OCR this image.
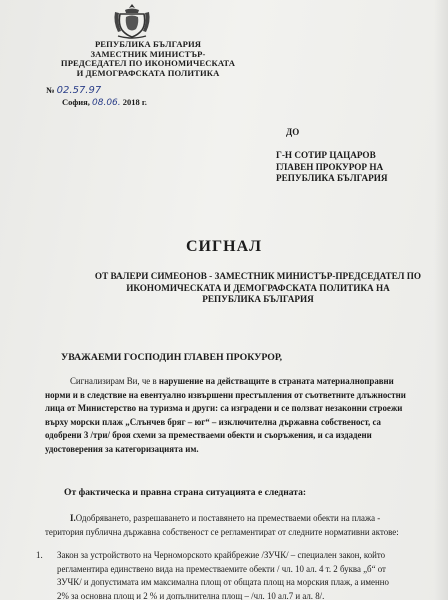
РЕПУБЛИКА БЪЛГАРИЯ
ЗАМЕСТНИК МИНИСТЪР-
ПРЕДСЕДАТЕЛ ПО ИКОНОМИЧЕСКАТА
И ДЕМОГРАФСКАТА ПОЛИТИКА
№ 02.57.97
София, 08.06. 2018 г.
ДО
Г-Н СОТИР ЦАЦАРОВ
ГЛАВЕН ПРОКУРОР НА
РЕПУБЛИКА БЪЛГАРИЯ
СИГНАЛ
ОТ ВАЛЕРИ СИМЕОНОВ - ЗАМЕСТНИК МИНИСТЪР-ПРЕДСЕДАТЕЛ ПО
ИКОНОМИЧЕСКАТА И ДЕМОГРАФСКАТА ПОЛИТИКА НА
РЕПУБЛИКА БЪЛГАРИЯ
УВАЖАЕМИ ГОСПОДИН ГЛАВЕН ПРОКУРОР,
Сигнализирам Ви, че в нарушение на действащите в страната материалноправни
норми и в следствие на евентуално извършени престъпления от съответните длъжностни
лица от Министерство на туризма и други: са изградени и се ползват незаконни строежи
върху морски плаж „Слънчев бряг – юг“ – изключителна държавна собственост, са
одобрени 3 /три/ броя схеми за преместваеми обекти и съоръжения, и са издадени
удостоверения за категоризацията им.
От фактическа и правна страна ситуацията е следната:
I.Одобряването, разрешаването и поставянето на преместваеми обекти на плажа -
територия публична държавна собственост се регламентират от следните нормативни актове:
1. Закон за устройството на Черноморското крайбрежие /ЗУЧК/ – специален закон, който
регламентира единствено вида на преместваемите обекти / чл. 10 ал. 4 т. 2 буква „б“ от
ЗУЧК/ и допустимата им максимална площ от общата площ на морския плаж, а именно
2% за основна площ и 2 % и допълнителна площ – /чл. 10 ал.7 и ал. 8/.
